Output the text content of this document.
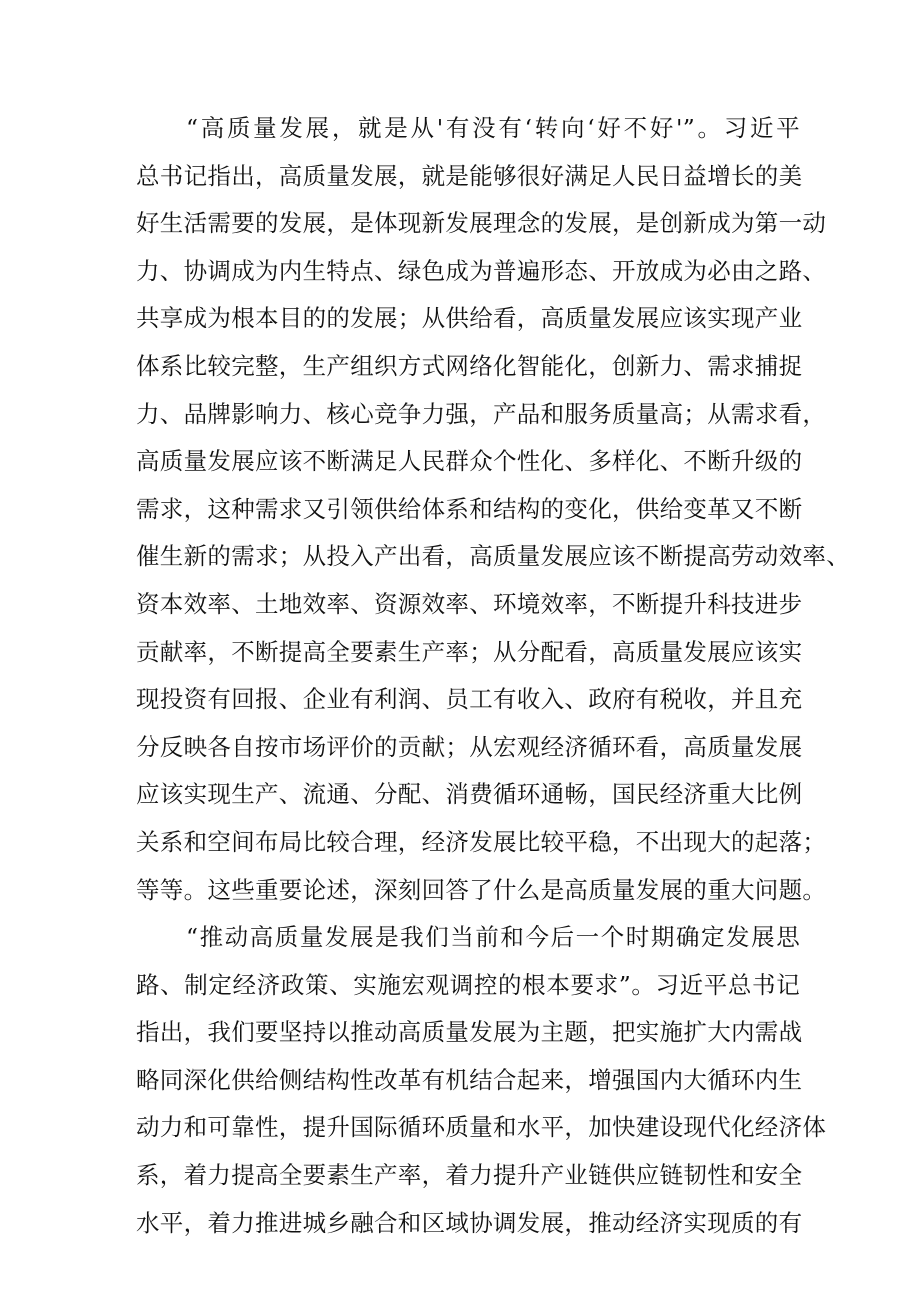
“高质量发展，就是从'有没有‘转向‘好不好'”。习近平
总书记指出，高质量发展，就是能够很好满足人民日益增长的美
好生活需要的发展，是体现新发展理念的发展，是创新成为第一动
力、协调成为内生特点、绿色成为普遍形态、开放成为必由之路、
共享成为根本目的的发展；从供给看，高质量发展应该实现产业
体系比较完整，生产组织方式网络化智能化，创新力、需求捕捉
力、品牌影响力、核心竞争力强，产品和服务质量高；从需求看，
高质量发展应该不断满足人民群众个性化、多样化、不断升级的
需求，这种需求又引领供给体系和结构的变化，供给变革又不断
催生新的需求；从投入产出看，高质量发展应该不断提高劳动效率、
资本效率、土地效率、资源效率、环境效率，不断提升科技进步
贡献率，不断提高全要素生产率；从分配看，高质量发展应该实
现投资有回报、企业有利润、员工有收入、政府有税收，并且充
分反映各自按市场评价的贡献；从宏观经济循环看，高质量发展
应该实现生产、流通、分配、消费循环通畅，国民经济重大比例
关系和空间布局比较合理，经济发展比较平稳，不出现大的起落；
等等。这些重要论述，深刻回答了什么是高质量发展的重大问题。
“推动高质量发展是我们当前和今后一个时期确定发展思
路、制定经济政策、实施宏观调控的根本要求”。习近平总书记
指出，我们要坚持以推动高质量发展为主题，把实施扩大内需战
略同深化供给侧结构性改革有机结合起来，增强国内大循环内生
动力和可靠性，提升国际循环质量和水平，加快建设现代化经济体
系，着力提高全要素生产率，着力提升产业链供应链韧性和安全
水平，着力推进城乡融合和区域协调发展，推动经济实现质的有
